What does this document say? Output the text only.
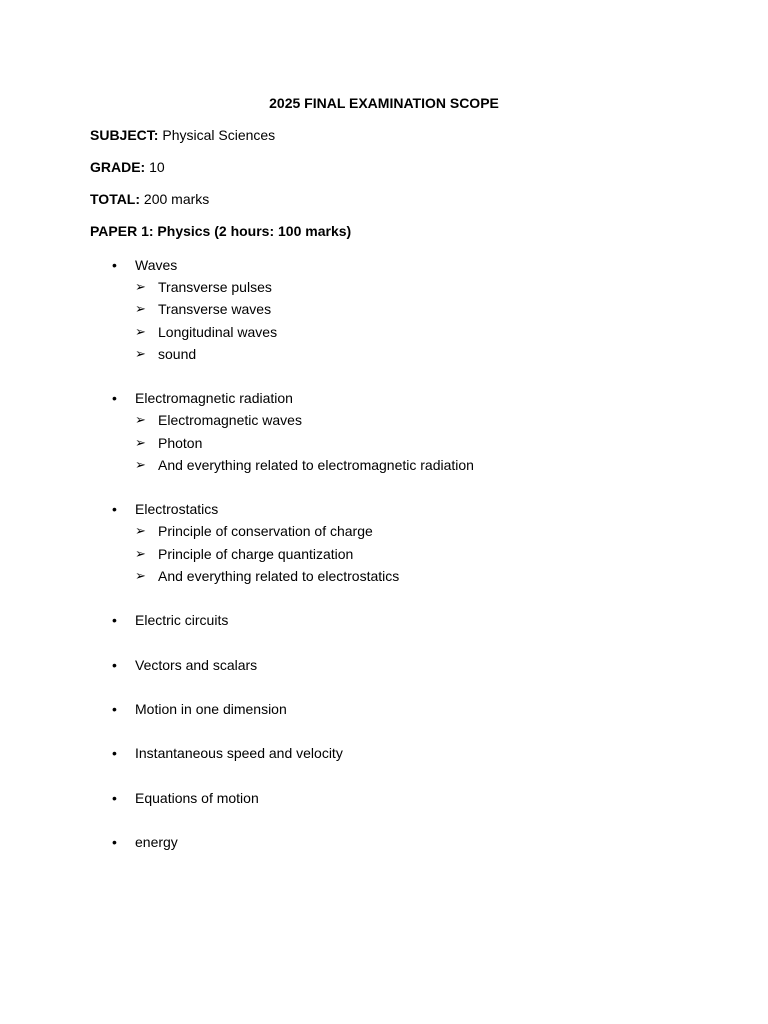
2025 FINAL EXAMINATION SCOPE
SUBJECT: Physical Sciences
GRADE: 10
TOTAL: 200 marks
PAPER 1: Physics (2 hours: 100 marks)
•	Waves
➢ Transverse pulses
➢ Transverse waves
➢ Longitudinal waves
➢ sound
•	Electromagnetic radiation
➢ Electromagnetic waves
➢ Photon
➢ And everything related to electromagnetic radiation
•	Electrostatics
➢ Principle of conservation of charge
➢ Principle of charge quantization
➢ And everything related to electrostatics
•	Electric circuits
•	Vectors and scalars
•	Motion in one dimension
•	Instantaneous speed and velocity
•	Equations of motion
•	energy
